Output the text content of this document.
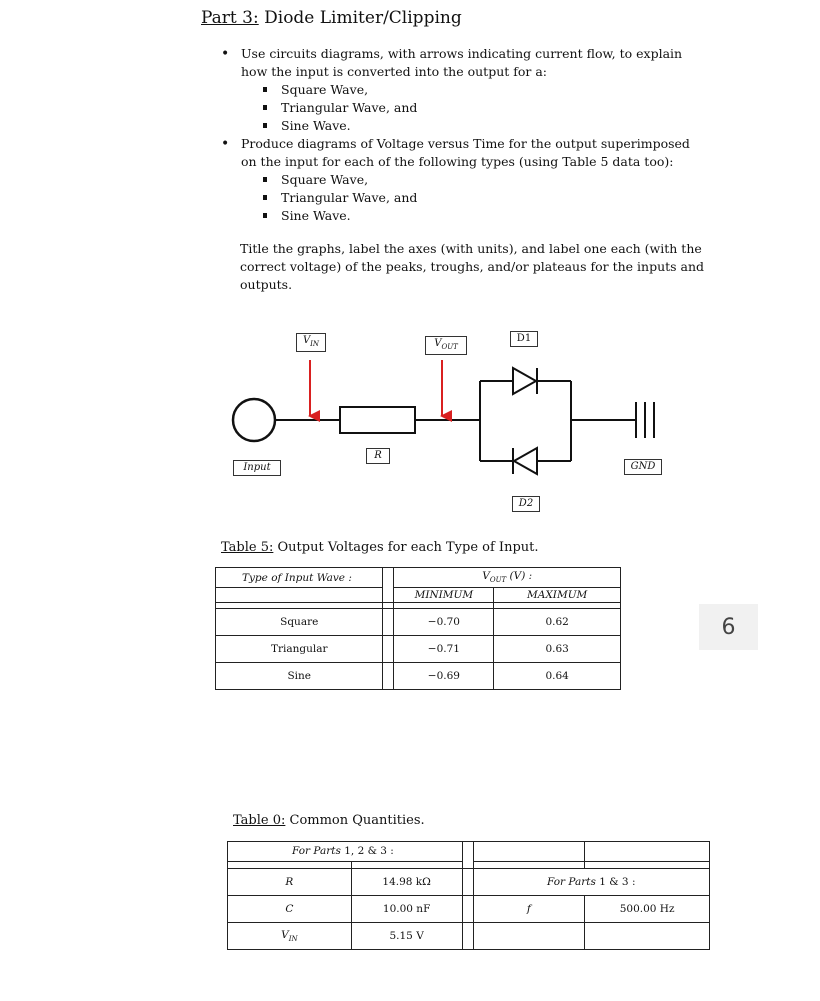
Part 3: Diode Limiter/Clipping
• Use circuits diagrams, with arrows indicating current flow, to explain how the input is converted into the output for a:
Square Wave,
Triangular Wave, and
Sine Wave.
• Produce diagrams of Voltage versus Time for the output superimposed on the input for each of the following types (using Table 5 data too):
Square Wave,
Triangular Wave, and
Sine Wave.
Title the graphs, label the axes (with units), and label one each (with the correct voltage) of the peaks, troughs, and/or plateaus for the inputs and outputs.
$V_{IN}$	$V_{OUT}$
D1
D2
R
Input	GND
Table 5: Output Voltages for each Type of Input.
Type of Input Wave :		$V_{OUT}$ (V) :	
		MINIMUM	MAXIMUM

Square		−0.70	0.62
Triangular		−0.71	0.63
Sine		−0.69	0.64
6
Table 0: Common Quantities.
For Parts 1, 2 & 3 :				

R	14.98 kΩ		For Parts 1 & 3 :	
C	10.00 nF		f	500.00 Hz
$V_{IN}$	5.15 V			
